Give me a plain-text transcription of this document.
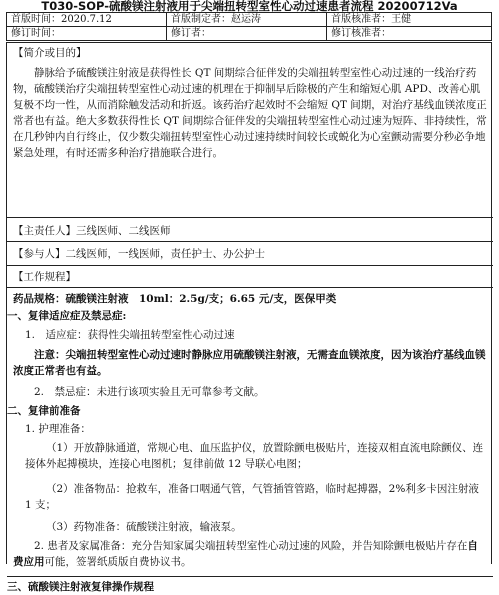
T030-SOP-硫酸镁注射液用于尖端扭转型室性心动过速患者流程 20200712Va
首版时间：2020.7.12	首版制定者：赵运涛	首版核准者：王健
修订时间：	修订者：	修订核准者：
【简介或目的】
静脉给予硫酸镁注射液是获得性长 QT 间期综合征伴发的尖端扭转型室性心动过速的一线治疗药物，硫酸镁治疗尖端扭转型室性心动过速的机理在于抑制早后除极的产生和缩短心肌 APD、改善心肌复极不均一性，从而消除触发活动和折返。该药治疗起效时不会缩短 QT 间期，对治疗基线血镁浓度正常者也有益。绝大多数获得性长 QT 间期综合征伴发的尖端扭转型室性心动过速为短阵、非持续性，常在几秒钟内自行终止，仅少数尖端扭转型室性心动过速持续时间较长或蜕化为心室颤动需要分秒必争地紧急处理，有时还需多种治疗措施联合进行。
【主责任人】三线医师、二线医师
【参与人】二线医师，一线医师，责任护士、办公护士
【工作规程】
药品规格：硫酸镁注射液　10ml：2.5g/支；6.65 元/支，医保甲类
一、复律适应症及禁忌症:
1.　适应症：获得性尖端扭转型室性心动过速
注意：尖端扭转型室性心动过速时静脉应用硫酸镁注射液，无需查血镁浓度，因为该治疗基线血镁浓度正常者也有益。
2.　禁忌症：未进行该项实验且无可靠参考文献。
二、复律前准备
1. 护理准备：
（1）开放静脉通道，常规心电、血压监护仪，放置除颤电极贴片，连接双相直流电除颤仪、连接体外起搏模块，连接心电图机；复律前做 12 导联心电图；
（2）准备物品：抢救车，准备口咽通气管，气管插管管路，临时起搏器，2%利多卡因注射液 1 支；
（3）药物准备：硫酸镁注射液，输液泵。
2. 患者及家属准备：充分告知家属尖端扭转型室性心动过速的风险，并告知除颤电极贴片存在自费应用可能，签署纸质版自费协议书。
三、硫酸镁注射液复律操作规程
